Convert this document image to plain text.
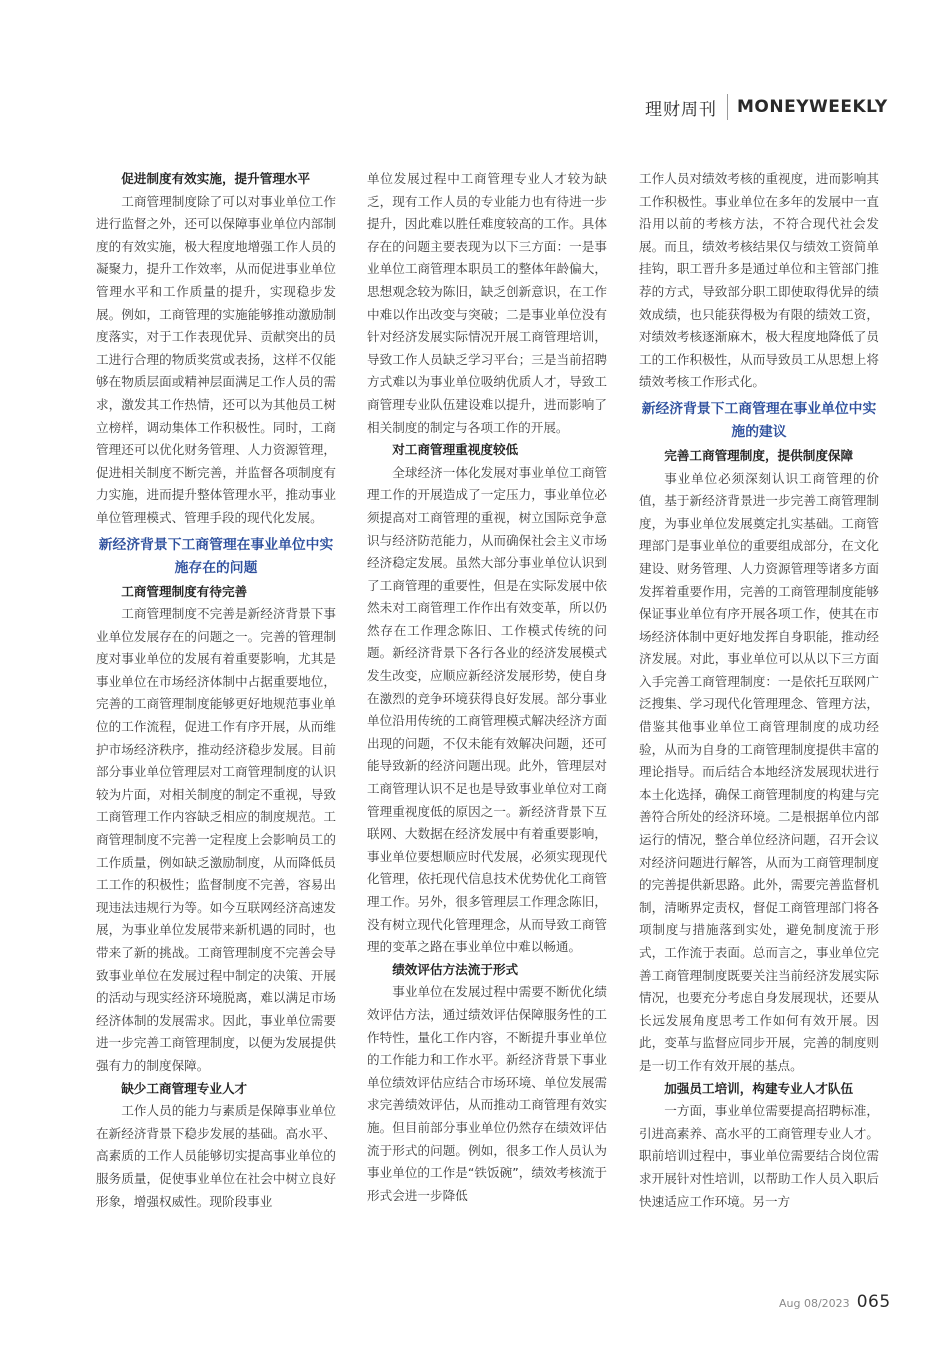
理财周刊 MONEYWEEKLY
促进制度有效实施，提升管理水平

工商管理制度除了可以对事业单位工作进行监督之外，还可以保障事业单位内部制度的有效实施，极大程度地增强工作人员的凝聚力，提升工作效率，从而促进事业单位管理水平和工作质量的提升，实现稳步发展。例如，工商管理的实施能够推动激励制度落实，对于工作表现优异、贡献突出的员工进行合理的物质奖赏或表扬，这样不仅能够在物质层面或精神层面满足工作人员的需求，激发其工作热情，还可以为其他员工树立榜样，调动集体工作积极性。同时，工商管理还可以优化财务管理、人力资源管理，促进相关制度不断完善，并监督各项制度有力实施，进而提升整体管理水平，推动事业单位管理模式、管理手段的现代化发展。

新经济背景下工商管理在事业单位中实施存在的问题
工商管理制度有待完善

工商管理制度不完善是新经济背景下事业单位发展存在的问题之一。完善的管理制度对事业单位的发展有着重要影响，尤其是事业单位在市场经济体制中占据重要地位，完善的工商管理制度能够更好地规范事业单位的工作流程，促进工作有序开展，从而维护市场经济秩序，推动经济稳步发展。目前部分事业单位管理层对工商管理制度的认识较为片面，对相关制度的制定不重视，导致工商管理工作内容缺乏相应的制度规范。工商管理制度不完善一定程度上会影响员工的工作质量，例如缺乏激励制度，从而降低员工工作的积极性；监督制度不完善，容易出现违法违规行为等。如今互联网经济高速发展，为事业单位发展带来新机遇的同时，也带来了新的挑战。工商管理制度不完善会导致事业单位在发展过程中制定的决策、开展的活动与现实经济环境脱离，难以满足市场经济体制的发展需求。因此，事业单位需要进一步完善工商管理制度，以便为发展提供强有力的制度保障。

缺少工商管理专业人才

工作人员的能力与素质是保障事业单位在新经济背景下稳步发展的基础。高水平、高素质的工作人员能够切实提高事业单位的服务质量，促使事业单位在社会中树立良好形象，增强权威性。现阶段事业

单位发展过程中工商管理专业人才较为缺乏，现有工作人员的专业能力也有待进一步提升，因此难以胜任难度较高的工作。具体存在的问题主要表现为以下三方面：一是事业单位工商管理本职员工的整体年龄偏大，思想观念较为陈旧，缺乏创新意识，在工作中难以作出改变与突破；二是事业单位没有针对经济发展实际情况开展工商管理培训，导致工作人员缺乏学习平台；三是当前招聘方式难以为事业单位吸纳优质人才，导致工商管理专业队伍建设难以提升，进而影响了相关制度的制定与各项工作的开展。

对工商管理重视度较低

全球经济一体化发展对事业单位工商管理工作的开展造成了一定压力，事业单位必须提高对工商管理的重视，树立国际竞争意识与经济防范能力，从而确保社会主义市场经济稳定发展。虽然大部分事业单位认识到了工商管理的重要性，但是在实际发展中依然未对工商管理工作作出有效变革，所以仍然存在工作理念陈旧、工作模式传统的问题。新经济背景下各行各业的经济发展模式发生改变，应顺应新经济发展形势，使自身在激烈的竞争环境获得良好发展。部分事业单位沿用传统的工商管理模式解决经济方面出现的问题，不仅未能有效解决问题，还可能导致新的经济问题出现。此外，管理层对工商管理认识不足也是导致事业单位对工商管理重视度低的原因之一。新经济背景下互联网、大数据在经济发展中有着重要影响，事业单位要想顺应时代发展，必须实现现代化管理，依托现代信息技术优势优化工商管理工作。另外，很多管理层工作理念陈旧，没有树立现代化管理理念，从而导致工商管理的变革之路在事业单位中难以畅通。

绩效评估方法流于形式

事业单位在发展过程中需要不断优化绩效评估方法，通过绩效评估保障服务性的工作特性，量化工作内容，不断提升事业单位的工作能力和工作水平。新经济背景下事业单位绩效评估应结合市场环境、单位发展需求完善绩效评估，从而推动工商管理有效实施。但目前部分事业单位仍然存在绩效评估流于形式的问题。例如，很多工作人员认为事业单位的工作是“铁饭碗”，绩效考核流于形式会进一步降低

工作人员对绩效考核的重视度，进而影响其工作积极性。事业单位在多年的发展中一直沿用以前的考核方法，不符合现代社会发展。而且，绩效考核结果仅与绩效工资简单挂钩，职工晋升多是通过单位和主管部门推荐的方式，导致部分职工即使取得优异的绩效成绩，也只能获得极为有限的绩效工资，对绩效考核逐渐麻木，极大程度地降低了员工的工作积极性，从而导致员工从思想上将绩效考核工作形式化。

新经济背景下工商管理在事业单位中实施的建议
完善工商管理制度，提供制度保障

事业单位必须深刻认识工商管理的价值，基于新经济背景进一步完善工商管理制度，为事业单位发展奠定扎实基础。工商管理部门是事业单位的重要组成部分，在文化建设、财务管理、人力资源管理等诸多方面发挥着重要作用，完善的工商管理制度能够保证事业单位有序开展各项工作，使其在市场经济体制中更好地发挥自身职能，推动经济发展。对此，事业单位可以从以下三方面入手完善工商管理制度：一是依托互联网广泛搜集、学习现代化管理理念、管理方法，借鉴其他事业单位工商管理制度的成功经验，从而为自身的工商管理制度提供丰富的理论指导。而后结合本地经济发展现状进行本土化选择，确保工商管理制度的构建与完善符合所处的经济环境。二是根据单位内部运行的情况，整合单位经济问题，召开会议对经济问题进行解答，从而为工商管理制度的完善提供新思路。此外，需要完善监督机制，清晰界定责权，督促工商管理部门将各项制度与措施落到实处，避免制度流于形式，工作流于表面。总而言之，事业单位完善工商管理制度既要关注当前经济发展实际情况，也要充分考虑自身发展现状，还要从长远发展角度思考工作如何有效开展。因此，变革与监督应同步开展，完善的制度则是一切工作有效开展的基点。

加强员工培训，构建专业人才队伍

一方面，事业单位需要提高招聘标准，引进高素养、高水平的工商管理专业人才。职前培训过程中，事业单位需要结合岗位需求开展针对性培训，以帮助工作人员入职后快速适应工作环境。另一方

Aug 08/2023 065
